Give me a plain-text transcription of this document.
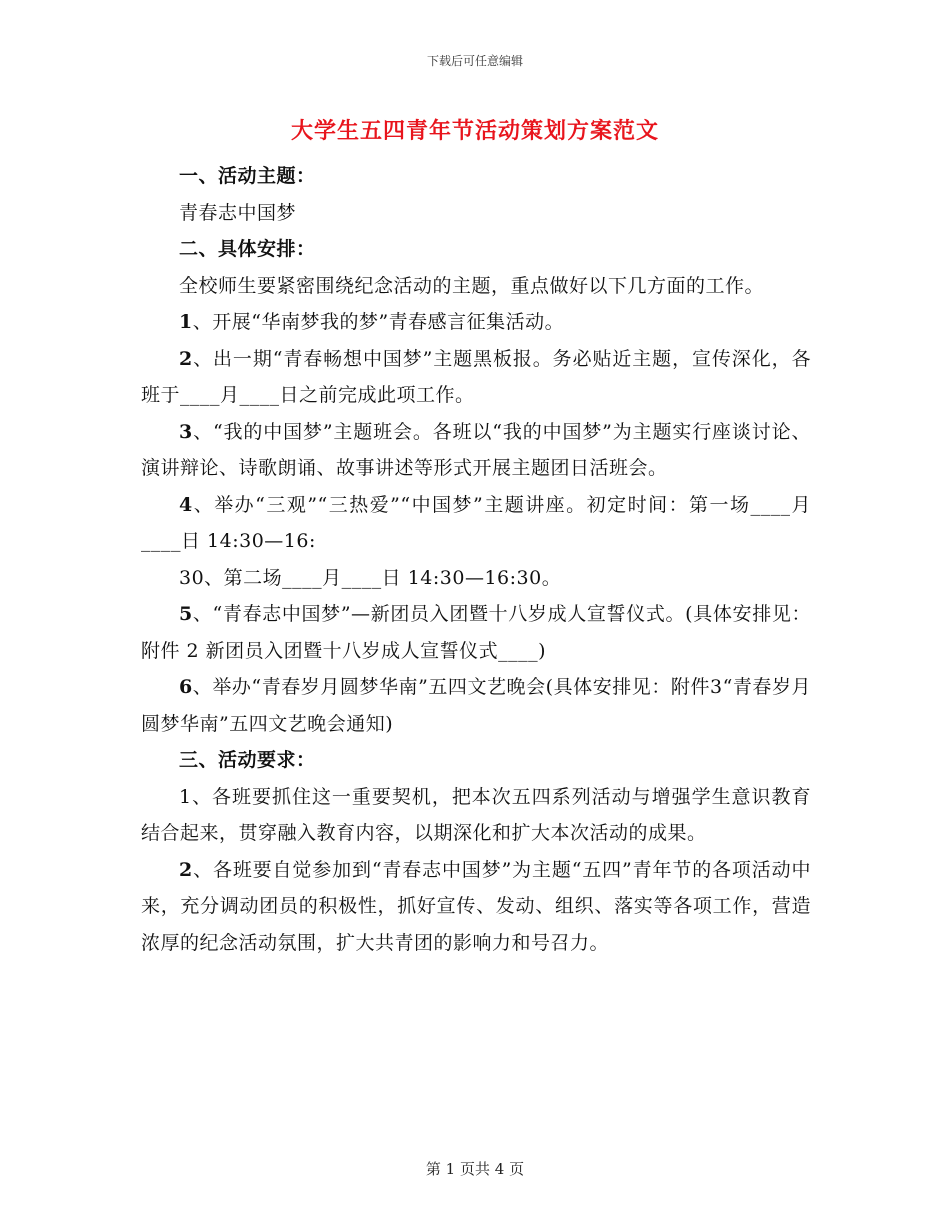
下载后可任意编辑
大学生五四青年节活动策划方案范文

一、活动主题：

青春志中国梦

二、具体安排：

全校师生要紧密围绕纪念活动的主题，重点做好以下几方面的工作。

1、开展“华南梦我的梦”青春感言征集活动。

2、出一期“青春畅想中国梦”主题黑板报。务必贴近主题，宣传深化，各班于____月____日之前完成此项工作。

3、“我的中国梦”主题班会。各班以“我的中国梦”为主题实行座谈讨论、演讲辩论、诗歌朗诵、故事讲述等形式开展主题团日活班会。

4、举办“三观”“三热爱”“中国梦”主题讲座。初定时间：第一场____月____日 14:30—16:

30、第二场____月____日 14:30—16:30。

5、“青春志中国梦”—新团员入团暨十八岁成人宣誓仪式。(具体安排见：附件 2 新团员入团暨十八岁成人宣誓仪式____)

6、举办“青春岁月圆梦华南”五四文艺晚会(具体安排见：附件3“青春岁月圆梦华南”五四文艺晚会通知)

三、活动要求：

1、各班要抓住这一重要契机，把本次五四系列活动与增强学生意识教育结合起来，贯穿融入教育内容，以期深化和扩大本次活动的成果。

2、各班要自觉参加到“青春志中国梦”为主题“五四”青年节的各项活动中来，充分调动团员的积极性，抓好宣传、发动、组织、落实等各项工作，营造浓厚的纪念活动氛围，扩大共青团的影响力和号召力。

第 1 页共 4 页
